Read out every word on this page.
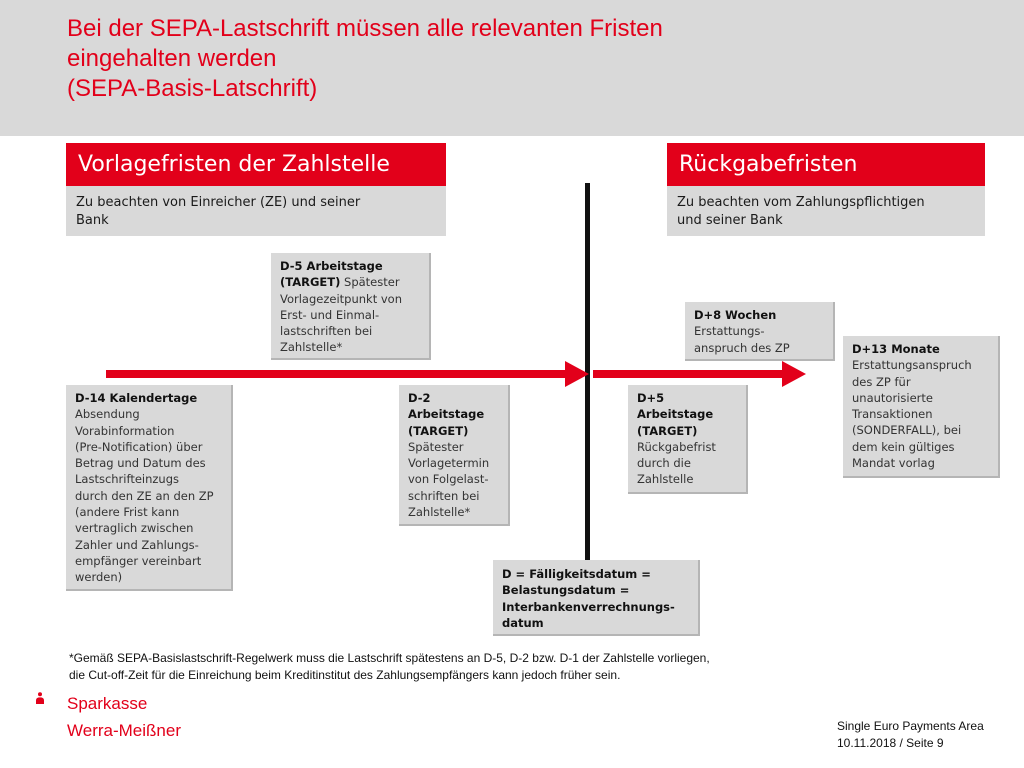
Bei der SEPA-Lastschrift müssen alle relevanten Fristen
eingehalten werden
(SEPA-Basis-Latschrift)
Vorlagefristen der Zahlstelle
Zu beachten von Einreicher (ZE) und seiner
Bank
Rückgabefristen
Zu beachten vom Zahlungspflichtigen
und seiner Bank
D-5 Arbeitstage
(TARGET) Spätester
Vorlagezeitpunkt von
Erst- und Einmal-
lastschriften bei
Zahlstelle*
D-14 Kalendertage
Absendung
Vorabinformation
(Pre-Notification) über
Betrag und Datum des
Lastschrifteinzugs
durch den ZE an den ZP
(andere Frist kann
vertraglich zwischen
Zahler und Zahlungs-
empfänger vereinbart
werden)
D-2
Arbeitstage
(TARGET)
Spätester
Vorlagetermin
von Folgelast-
schriften bei
Zahlstelle*
D+8 Wochen
Erstattungs-
anspruch des ZP
D+5
Arbeitstage
(TARGET)
Rückgabefrist
durch die
Zahlstelle
D+13 Monate
Erstattungsanspruch
des ZP für
unautorisierte
Transaktionen
(SONDERFALL), bei
dem kein gültiges
Mandat vorlag
D = Fälligkeitsdatum =
Belastungsdatum =
Interbankenverrechnungs-
datum
*Gemäß SEPA-Basislastschrift-Regelwerk muss die Lastschrift spätestens an D-5, D-2 bzw. D-1 der Zahlstelle vorliegen,
die Cut-off-Zeit für die Einreichung beim Kreditinstitut des Zahlungsempfängers kann jedoch früher sein.
Sparkasse
Werra-Meißner	Single Euro Payments Area
10.11.2018 / Seite 9
